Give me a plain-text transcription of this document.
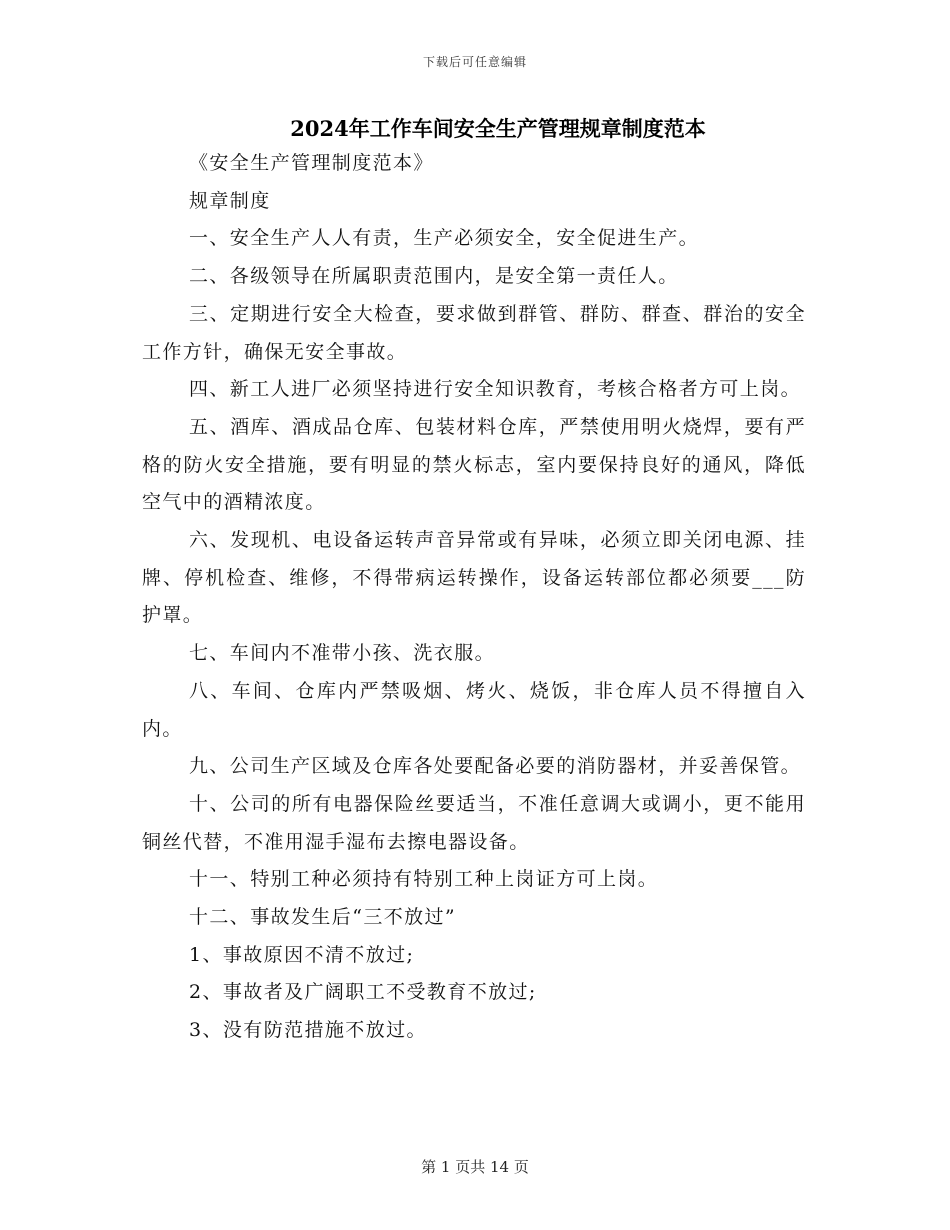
下载后可任意编辑
2024年工作车间安全生产管理规章制度范本

《安全生产管理制度范本》

规章制度

一、安全生产人人有责，生产必须安全，安全促进生产。

二、各级领导在所属职责范围内，是安全第一责任人。

三、定期进行安全大检查，要求做到群管、群防、群查、群治的安全工作方针，确保无安全事故。

四、新工人进厂必须坚持进行安全知识教育，考核合格者方可上岗。

五、酒库、酒成品仓库、包装材料仓库，严禁使用明火烧焊，要有严格的防火安全措施，要有明显的禁火标志，室内要保持良好的通风，降低空气中的酒精浓度。

六、发现机、电设备运转声音异常或有异味，必须立即关闭电源、挂牌、停机检查、维修，不得带病运转操作，设备运转部位都必须要___防护罩。

七、车间内不准带小孩、洗衣服。

八、车间、仓库内严禁吸烟、烤火、烧饭，非仓库人员不得擅自入内。

九、公司生产区域及仓库各处要配备必要的消防器材，并妥善保管。

十、公司的所有电器保险丝要适当，不准任意调大或调小，更不能用铜丝代替，不准用湿手湿布去擦电器设备。

十一、特别工种必须持有特别工种上岗证方可上岗。

十二、事故发生后“三不放过”

1、事故原因不清不放过;

2、事故者及广阔职工不受教育不放过;

3、没有防范措施不放过。

第 1 页共 14 页
